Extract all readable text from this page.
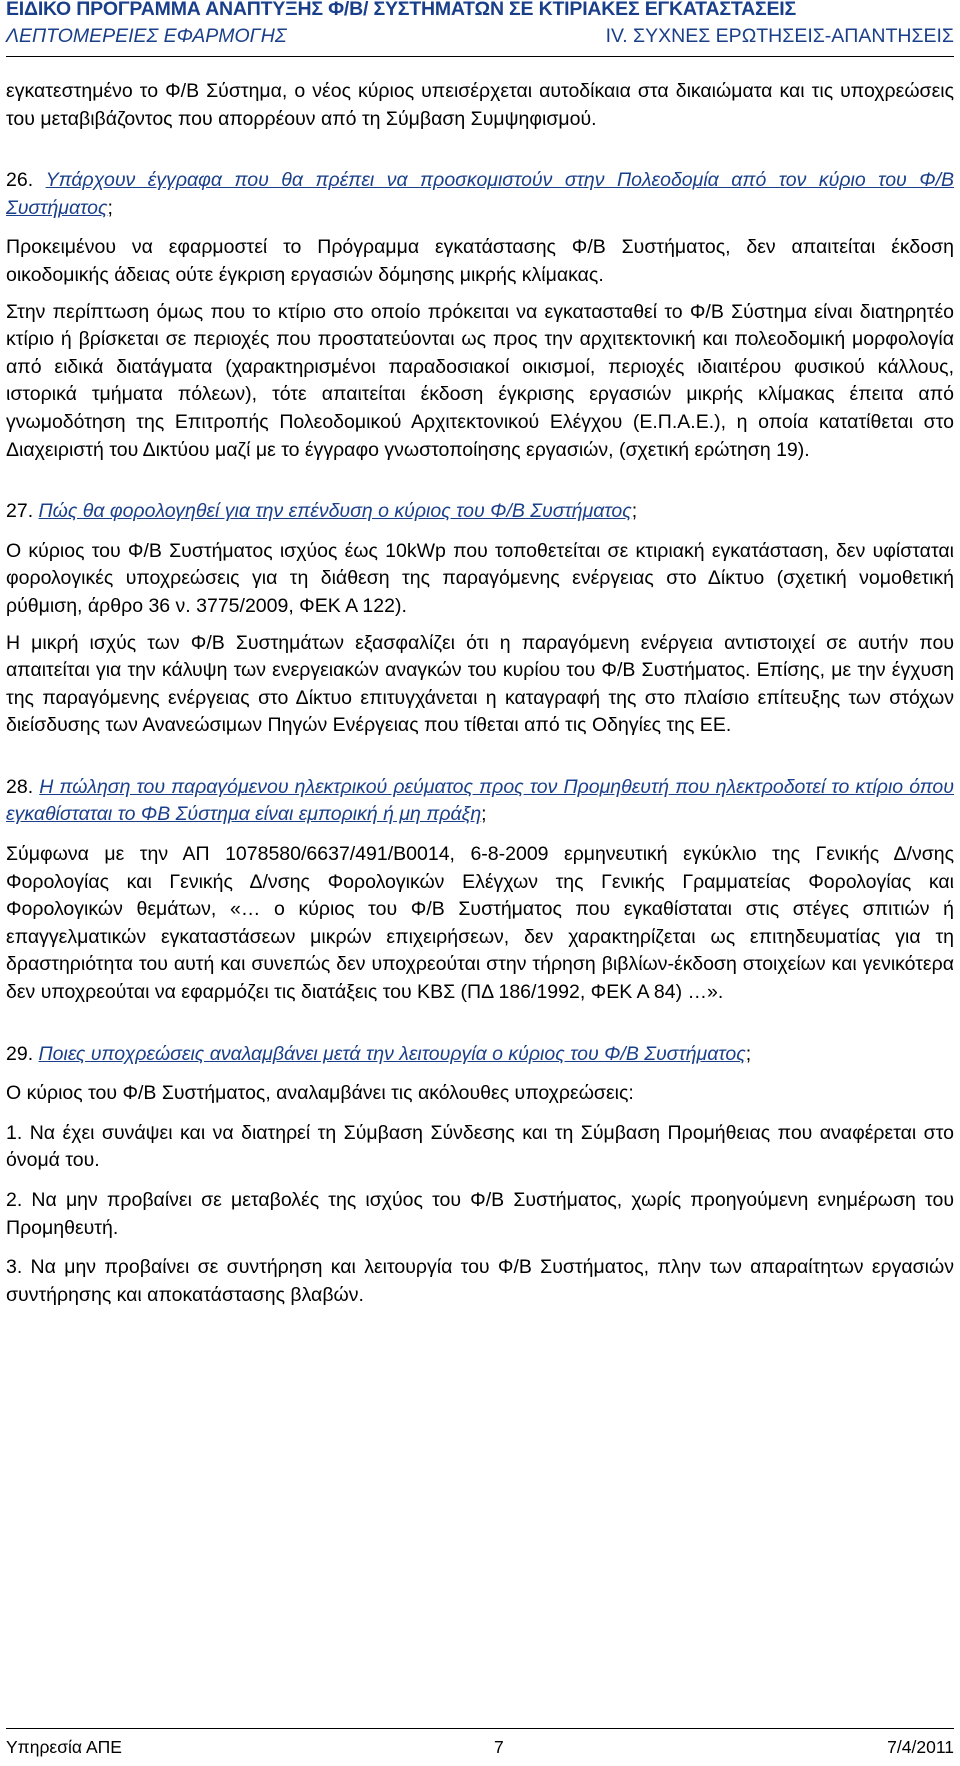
ΕΙΔΙΚΟ ΠΡΟΓΡΑΜΜΑ ΑΝΑΠΤΥΞΗΣ Φ/Β/ ΣΥΣΤΗΜΑΤΩΝ ΣΕ ΚΤΙΡΙΑΚΕΣ ΕΓΚΑΤΑΣΤΑΣΕΙΣ
ΛΕΠΤΟΜΕΡΕΙΕΣ ΕΦΑΡΜΟΓΗΣ	IV. ΣΥΧΝΕΣ ΕΡΩΤΗΣΕΙΣ-ΑΠΑΝΤΗΣΕΙΣ

εγκατεστημένο το Φ/Β Σύστημα, ο νέος κύριος υπεισέρχεται αυτοδίκαια στα δικαιώματα και τις υποχρεώσεις του μεταβιβάζοντος που απορρέουν από τη Σύμβαση Συμψηφισμού.

26. Υπάρχουν έγγραφα που θα πρέπει να προσκομιστούν στην Πολεοδομία από τον κύριο του Φ/Β Συστήματος;

Προκειμένου να εφαρμοστεί το Πρόγραμμα εγκατάστασης Φ/Β Συστήματος, δεν απαιτείται έκδοση οικοδομικής άδειας ούτε έγκριση εργασιών δόμησης μικρής κλίμακας.

Στην περίπτωση όμως που το κτίριο στο οποίο πρόκειται να εγκατασταθεί το Φ/Β Σύστημα είναι διατηρητέο κτίριο ή βρίσκεται σε περιοχές που προστατεύονται ως προς την αρχιτεκτονική και πολεοδομική μορφολογία από ειδικά διατάγματα (χαρακτηρισμένοι παραδοσιακοί οικισμοί, περιοχές ιδιαιτέρου φυσικού κάλλους, ιστορικά τμήματα πόλεων), τότε απαιτείται έκδοση έγκρισης εργασιών μικρής κλίμακας έπειτα από γνωμοδότηση της Επιτροπής Πολεοδομικού Αρχιτεκτονικού Ελέγχου (Ε.Π.Α.Ε.), η οποία κατατίθεται στο Διαχειριστή του Δικτύου μαζί με το έγγραφο γνωστοποίησης εργασιών, (σχετική ερώτηση 19).

27. Πώς θα φορολογηθεί για την επένδυση ο κύριος του Φ/Β Συστήματος;

Ο κύριος του Φ/Β Συστήματος ισχύος έως 10kWp που τοποθετείται σε κτιριακή εγκατάσταση, δεν υφίσταται φορολογικές υποχρεώσεις για τη διάθεση της παραγόμενης ενέργειας στο Δίκτυο (σχετική νομοθετική ρύθμιση, άρθρο 36 ν. 3775/2009, ΦΕΚ Α 122).

Η μικρή ισχύς των Φ/Β Συστημάτων εξασφαλίζει ότι η παραγόμενη ενέργεια αντιστοιχεί σε αυτήν που απαιτείται για την κάλυψη των ενεργειακών αναγκών του κυρίου του Φ/Β Συστήματος. Επίσης, με την έγχυση της παραγόμενης ενέργειας στο Δίκτυο επιτυγχάνεται η καταγραφή της στο πλαίσιο επίτευξης των στόχων διείσδυσης των Ανανεώσιμων Πηγών Ενέργειας που τίθεται από τις Οδηγίες της ΕΕ.

28. Η πώληση του παραγόμενου ηλεκτρικού ρεύματος προς τον Προμηθευτή που ηλεκτροδοτεί το κτίριο όπου εγκαθίσταται το ΦΒ Σύστημα είναι εμπορική ή μη πράξη;

Σύμφωνα με την ΑΠ 1078580/6637/491/Β0014, 6-8-2009 ερμηνευτική εγκύκλιο της Γενικής Δ/νσης Φορολογίας και Γενικής Δ/νσης Φορολογικών Ελέγχων της Γενικής Γραμματείας Φορολογίας και Φορολογικών θεμάτων, «… ο κύριος του Φ/Β Συστήματος που εγκαθίσταται στις στέγες σπιτιών ή επαγγελματικών εγκαταστάσεων μικρών επιχειρήσεων, δεν χαρακτηρίζεται ως επιτηδευματίας για τη δραστηριότητα του αυτή και συνεπώς δεν υποχρεούται στην τήρηση βιβλίων-έκδοση στοιχείων και γενικότερα δεν υποχρεούται να εφαρμόζει τις διατάξεις του ΚΒΣ (ΠΔ 186/1992, ΦΕΚ Α 84) …».

29. Ποιες υποχρεώσεις αναλαμβάνει μετά την λειτουργία ο κύριος του Φ/Β Συστήματος;

Ο κύριος του Φ/Β Συστήματος, αναλαμβάνει τις ακόλουθες υποχρεώσεις:

1. Να έχει συνάψει και να διατηρεί τη Σύμβαση Σύνδεσης και τη Σύμβαση Προμήθειας που αναφέρεται στο όνομά του.

2. Να μην προβαίνει σε μεταβολές της ισχύος του Φ/Β Συστήματος, χωρίς προηγούμενη ενημέρωση του Προμηθευτή.

3. Να μην προβαίνει σε συντήρηση και λειτουργία του Φ/Β Συστήματος, πλην των απαραίτητων εργασιών συντήρησης και αποκατάστασης βλαβών.

Υπηρεσία ΑΠΕ	7	7/4/2011
